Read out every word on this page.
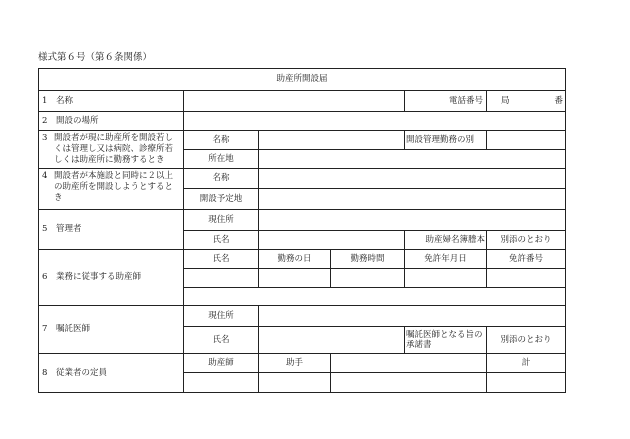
様式第６号（第６条関係）
助産所開設届					
1 名称				電話番号	局 番

2 開設の場所					
3 開設者が現に助産所を開設若しくは管理し又は病院、診療所若しくは助産所に勤務するとき	名称			開設管理勤務の別	
	所在地				
4 開設者が本施設と同時に２以上の助産所を開設しようとするとき	名称				
	開設予定地				
5 管理者	現住所				
	氏名			助産婦名簿謄本	別添のとおり
6 業務に従事する助産師	氏名	勤務の日	勤務時間	免許年月日	免許番号

7 嘱託医師	現住所				
	氏名			嘱託医師となる旨の承諾書	別添のとおり
8 従業者の定員	助産師	助手			計
